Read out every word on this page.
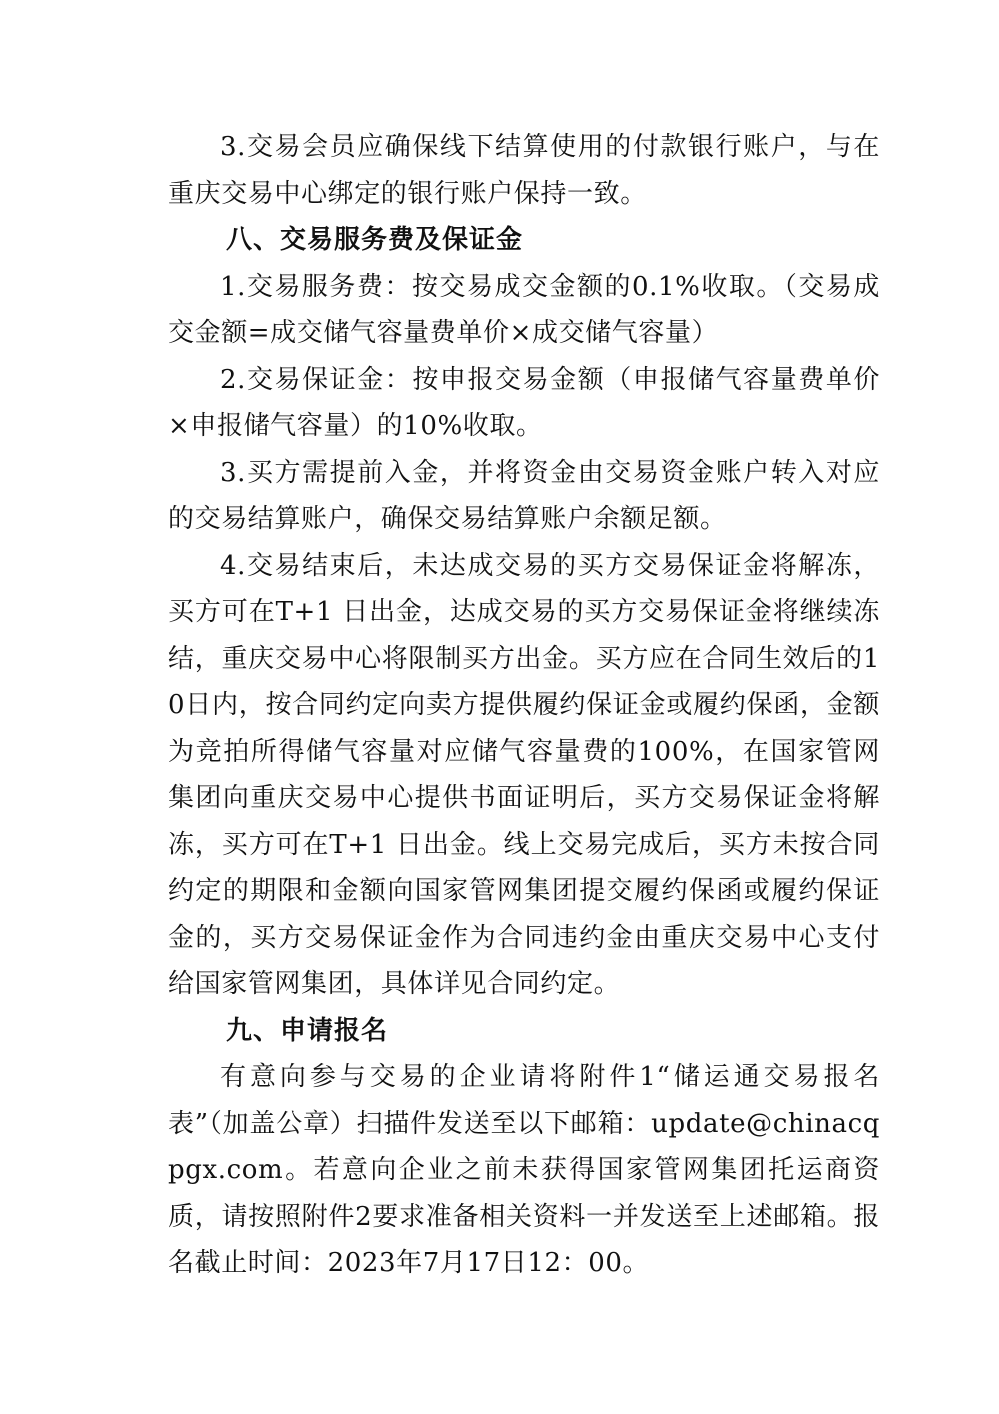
3.交易会员应确保线下结算使用的付款银行账户，与在重庆交易中心绑定的银行账户保持一致。

八、交易服务费及保证金

1.交易服务费：按交易成交金额的0.1%收取。（交易成交金额=成交储气容量费单价×成交储气容量）

2.交易保证金：按申报交易金额（申报储气容量费单价×申报储气容量）的10%收取。

3.买方需提前入金，并将资金由交易资金账户转入对应的交易结算账户，确保交易结算账户余额足额。

4.交易结束后，未达成交易的买方交易保证金将解冻，买方可在T+1 日出金，达成交易的买方交易保证金将继续冻结，重庆交易中心将限制买方出金。买方应在合同生效后的10日内，按合同约定向卖方提供履约保证金或履约保函，金额为竞拍所得储气容量对应储气容量费的100%，在国家管网集团向重庆交易中心提供书面证明后，买方交易保证金将解冻，买方可在T+1 日出金。线上交易完成后，买方未按合同约定的期限和金额向国家管网集团提交履约保函或履约保证金的，买方交易保证金作为合同违约金由重庆交易中心支付给国家管网集团，具体详见合同约定。

九、申请报名

有意向参与交易的企业请将附件1“储运通交易报名表”（加盖公章）扫描件发送至以下邮箱：update@chinacqpgx.com。若意向企业之前未获得国家管网集团托运商资质，请按照附件2要求准备相关资料一并发送至上述邮箱。报名截止时间：2023年7月17日12：00。
